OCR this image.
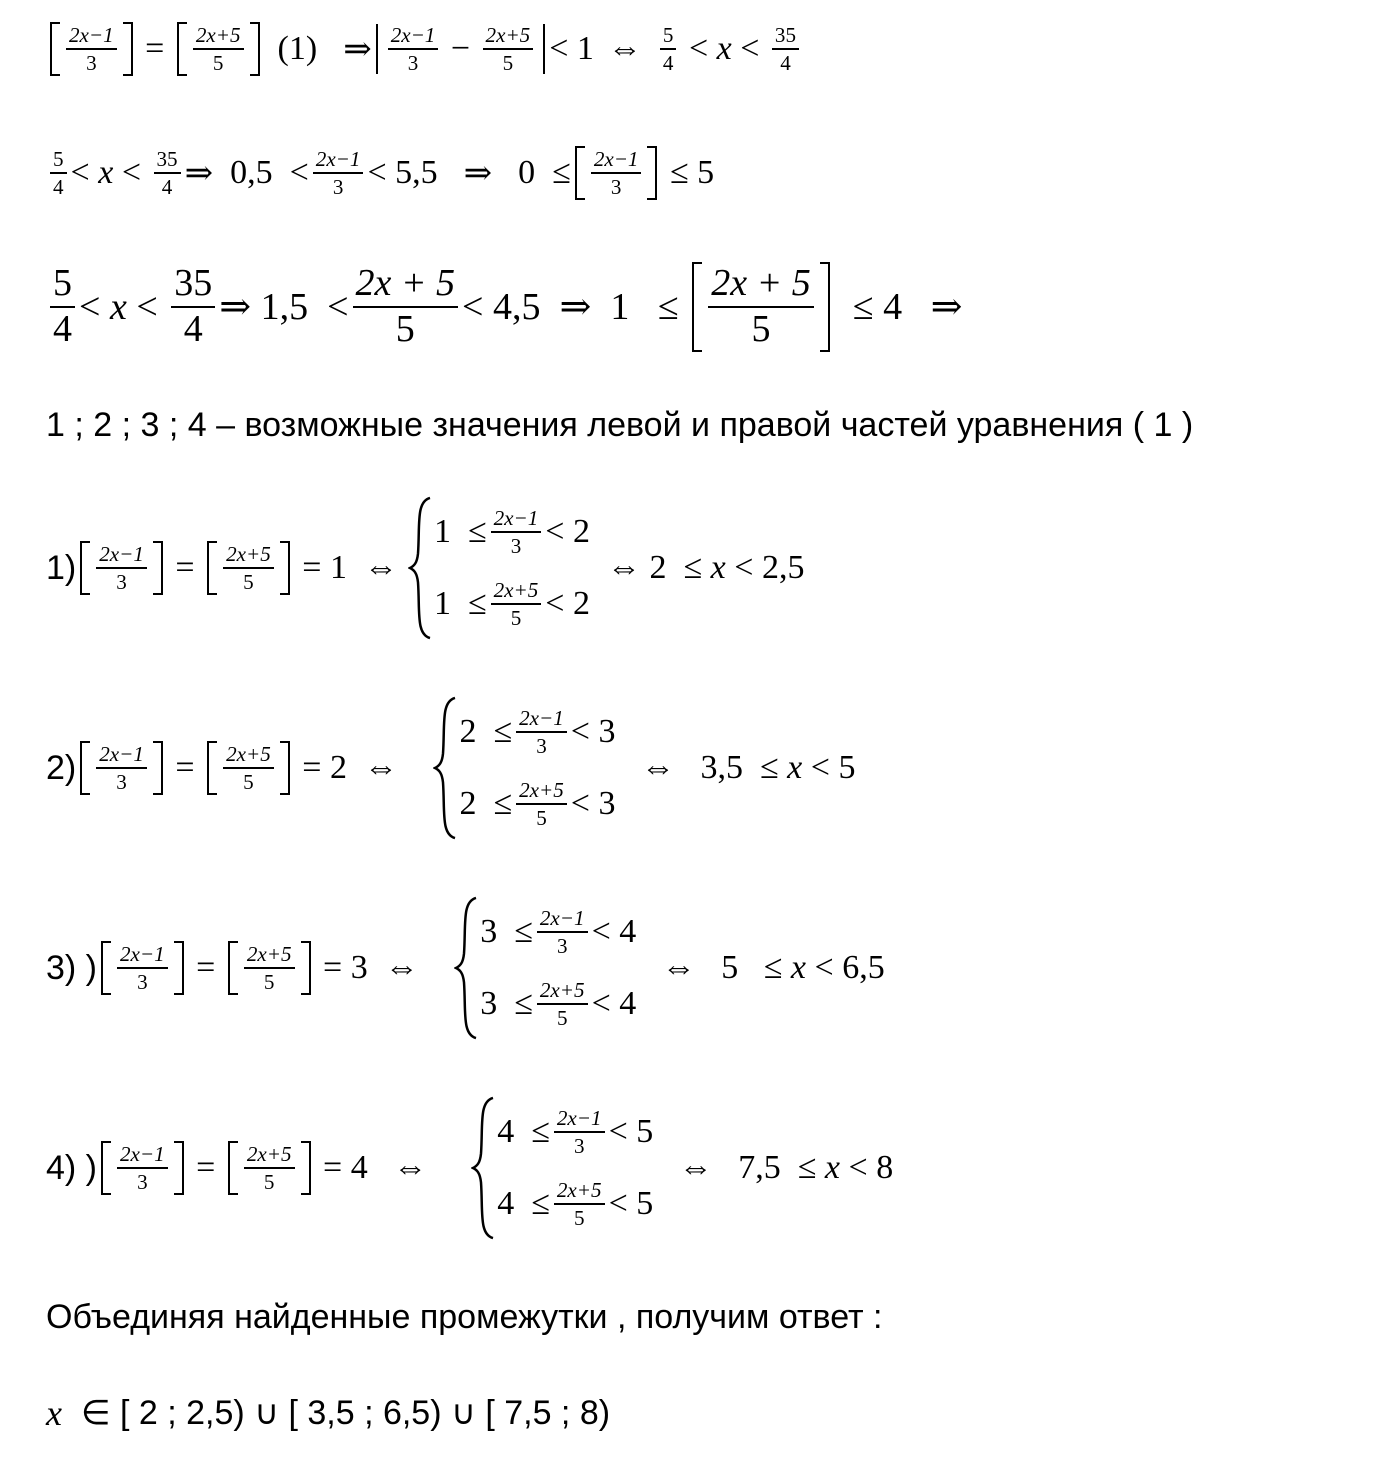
$\frac{2x-1}{3} = \frac{2x+5}{5} (1)$ ⇒ $\frac{2x-1}{3} - \frac{2x+5}{5} < 1$ ⇔ $\frac{5}{4} < x < \frac{35}{4}$
$\frac{5}{4} < x < \frac{35}{4}$ ⇒ $0,5 < \frac{2x-1}{3} < 5,5$ ⇒ $0 \le \frac{2x-1}{3} \le 5$
$\frac{5}{4} < x < \frac{35}{4}$ ⇒ $1,5 < \frac{2x + 5}{5} < 4,5$ ⇒ $1 \le \frac{2x + 5}{5} \le 4$ ⇒
1 ; 2 ; 3 ; 4 – возможные значения левой и правой частей уравнения ( 1 )
$1) \frac{2x-1}{3} = \frac{2x+5}{5} = 1$ ⇔
$1 \le \frac{2x-1}{3} < 2$
$1 \le \frac{2x+5}{5} < 2$
⇔ 2 ≤ x < 2,5
$2) \frac{2x-1}{3} = \frac{2x+5}{5} = 2$ ⇔
$2 \le \frac{2x-1}{3} < 3$
$2 \le \frac{2x+5}{5} < 3$
⇔ 3,5 ≤ x < 5
3) ) $\frac{2x-1}{3} = \frac{2x+5}{5} = 3$ ⇔
$3 \le \frac{2x-1}{3} < 4$
$3 \le \frac{2x+5}{5} < 4$
⇔ 5 ≤ x < 6,5
4) ) $\frac{2x-1}{3} = \frac{2x+5}{5} = 4$ ⇔
$4 \le \frac{2x-1}{3} < 5$
$4 \le \frac{2x+5}{5} < 5$
⇔ 7,5 ≤ x < 8
Объединяя найденные промежутки , получим ответ :
x
∈ [ 2 ; 2,5) ∪ [ 3,5 ; 6,5) ∪ [ 7,5 ; 8)
